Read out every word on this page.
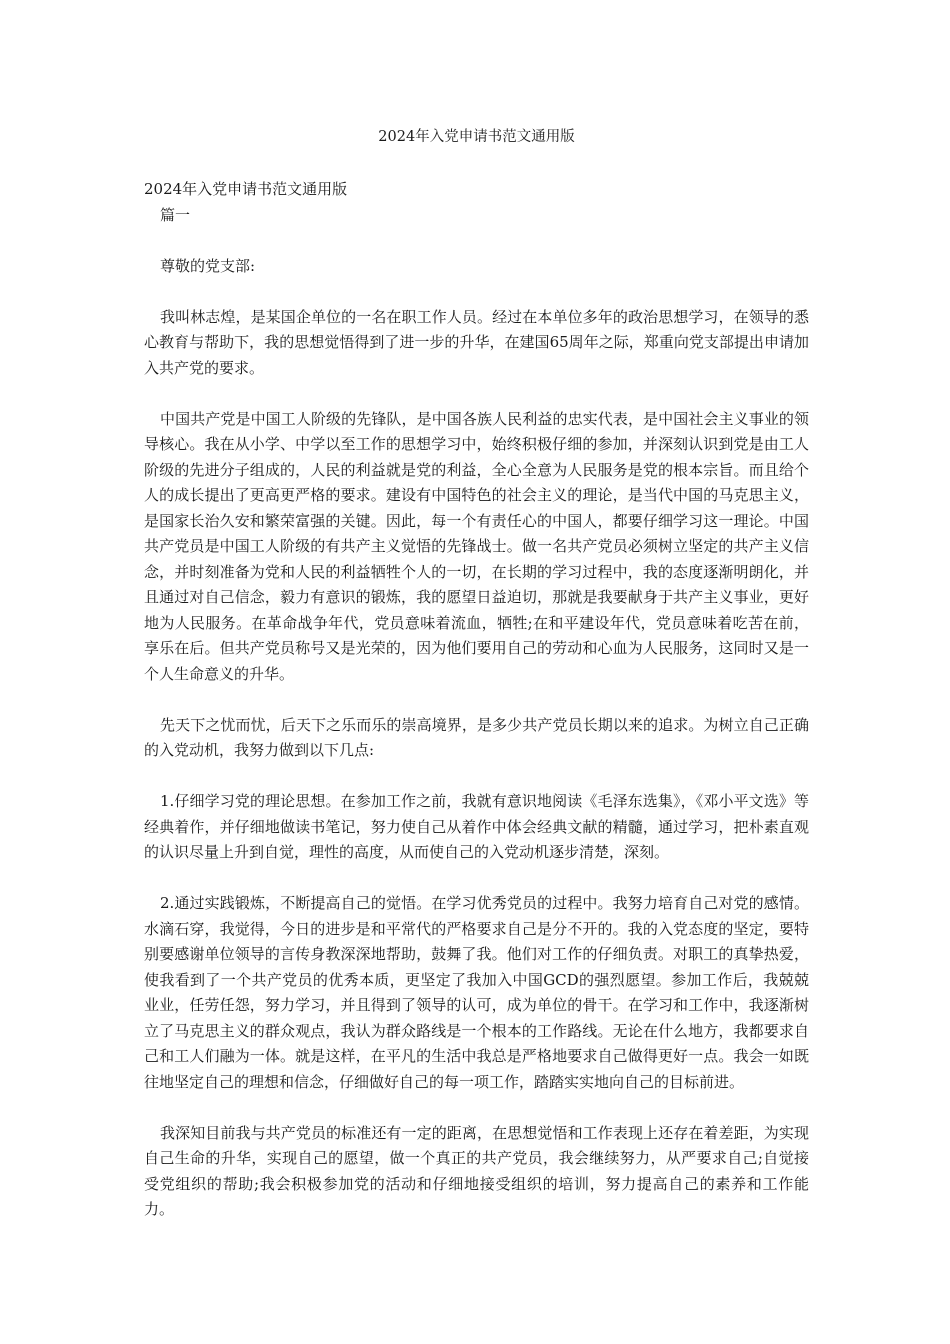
2024年入党申请书范文通用版

2024年入党申请书范文通用版

篇一

尊敬的党支部:

我叫林志煌，是某国企单位的一名在职工作人员。经过在本单位多年的政治思想学习，在领导的悉心教育与帮助下，我的思想觉悟得到了进一步的升华，在建国65周年之际，郑重向党支部提出申请加入共产党的要求。

中国共产党是中国工人阶级的先锋队，是中国各族人民利益的忠实代表，是中国社会主义事业的领导核心。我在从小学、中学以至工作的思想学习中，始终积极仔细的参加，并深刻认识到党是由工人阶级的先进分子组成的，人民的利益就是党的利益，全心全意为人民服务是党的根本宗旨。而且给个人的成长提出了更高更严格的要求。建设有中国特色的社会主义的理论，是当代中国的马克思主义，是国家长治久安和繁荣富强的关键。因此，每一个有责任心的中国人，都要仔细学习这一理论。中国共产党员是中国工人阶级的有共产主义觉悟的先锋战士。做一名共产党员必须树立坚定的共产主义信念，并时刻准备为党和人民的利益牺牲个人的一切，在长期的学习过程中，我的态度逐渐明朗化，并且通过对自己信念，毅力有意识的锻炼，我的愿望日益迫切，那就是我要献身于共产主义事业，更好地为人民服务。在革命战争年代，党员意味着流血，牺牲;在和平建设年代，党员意味着吃苦在前，享乐在后。但共产党员称号又是光荣的，因为他们要用自己的劳动和心血为人民服务，这同时又是一个人生命意义的升华。

先天下之忧而忧，后天下之乐而乐的崇高境界，是多少共产党员长期以来的追求。为树立自己正确的入党动机，我努力做到以下几点:

1.仔细学习党的理论思想。在参加工作之前，我就有意识地阅读《毛泽东选集》，《邓小平文选》等经典着作，并仔细地做读书笔记，努力使自己从着作中体会经典文献的精髓，通过学习，把朴素直观的认识尽量上升到自觉，理性的高度，从而使自己的入党动机逐步清楚，深刻。

2.通过实践锻炼，不断提高自己的觉悟。在学习优秀党员的过程中。我努力培育自己对党的感情。水滴石穿，我觉得，今日的进步是和平常代的严格要求自己是分不开的。我的入党态度的坚定，要特别要感谢单位领导的言传身教深深地帮助，鼓舞了我。他们对工作的仔细负责。对职工的真挚热爱，使我看到了一个共产党员的优秀本质，更坚定了我加入中国GCD的强烈愿望。参加工作后，我兢兢业业，任劳任怨，努力学习，并且得到了领导的认可，成为单位的骨干。在学习和工作中，我逐渐树立了马克思主义的群众观点，我认为群众路线是一个根本的工作路线。无论在什么地方，我都要求自己和工人们融为一体。就是这样，在平凡的生活中我总是严格地要求自己做得更好一点。我会一如既往地坚定自己的理想和信念，仔细做好自己的每一项工作，踏踏实实地向自己的目标前进。

我深知目前我与共产党员的标准还有一定的距离，在思想觉悟和工作表现上还存在着差距，为实现自己生命的升华，实现自己的愿望，做一个真正的共产党员，我会继续努力，从严要求自己;自觉接受党组织的帮助;我会积极参加党的活动和仔细地接受组织的培训，努力提高自己的素养和工作能力。
